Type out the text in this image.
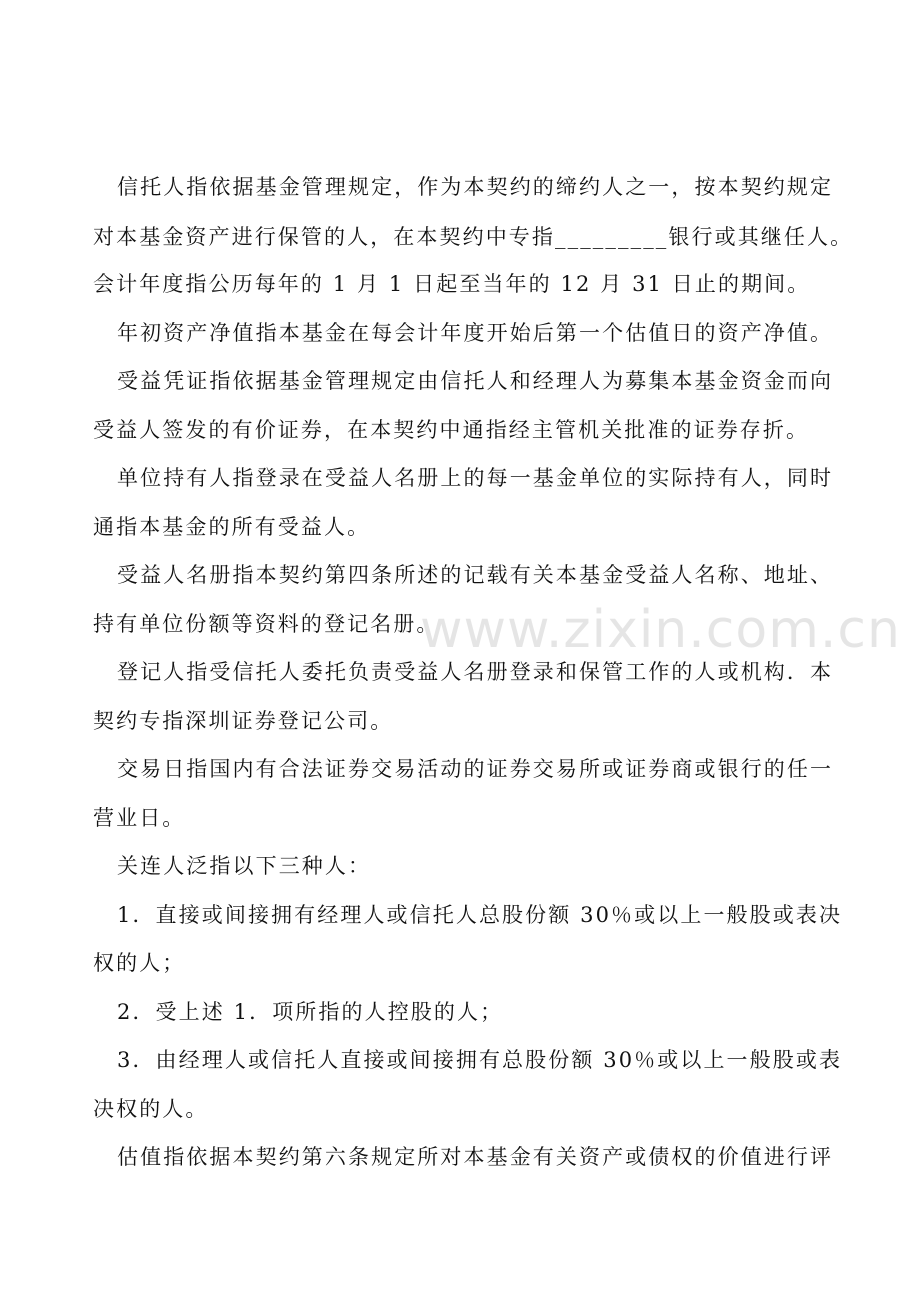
www.zixin.com.cn
信托人指依据基金管理规定，作为本契约的缔约人之一，按本契约规定
对本基金资产进行保管的人，在本契约中专指_________银行或其继任人。
会计年度指公历每年的 1 月 1 日起至当年的 12 月 31 日止的期间。
年初资产净值指本基金在每会计年度开始后第一个估值日的资产净值。
受益凭证指依据基金管理规定由信托人和经理人为募集本基金资金而向
受益人签发的有价证券，在本契约中通指经主管机关批准的证券存折。
单位持有人指登录在受益人名册上的每一基金单位的实际持有人，同时
通指本基金的所有受益人。
受益人名册指本契约第四条所述的记载有关本基金受益人名称、地址、
持有单位份额等资料的登记名册。
登记人指受信托人委托负责受益人名册登录和保管工作的人或机构．本
契约专指深圳证券登记公司。
交易日指国内有合法证券交易活动的证券交易所或证券商或银行的任一
营业日。
关连人泛指以下三种人：
1．直接或间接拥有经理人或信托人总股份额 30％或以上一般股或表决
权的人；
2．受上述 1．项所指的人控股的人；
3．由经理人或信托人直接或间接拥有总股份额 30％或以上一般股或表
决权的人。
估值指依据本契约第六条规定所对本基金有关资产或债权的价值进行评
